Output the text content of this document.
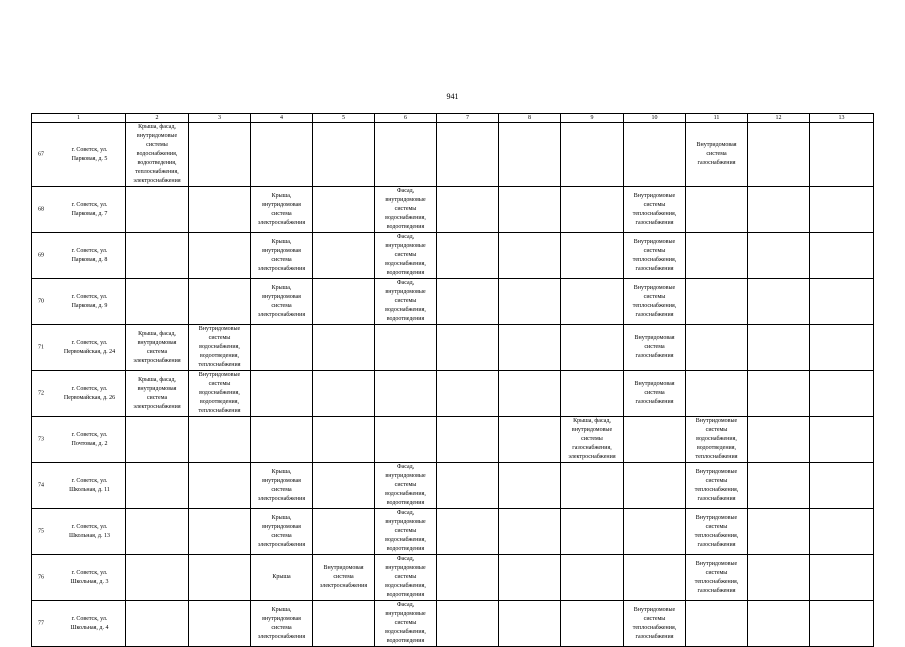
941
1	2	3	4	5	6	7	8	9	10	11	12	13

67
г. Советск, ул. Парковая, д. 5	Крыша, фасад, внутридомовые системы водоснабжения, водоотведения, теплоснабжения, электроснабжения									Внутридомовая система газоснабжения		

68
г. Советск, ул. Парковая, д. 7			Крыша, внутридомовая система электроснабжения		Фасад, внутридомовые системы водоснабжения, водоотведения				Внутридомовые системы теплоснабжения, газоснабжения			

69
г. Советск, ул. Парковая, д. 8			Крыша, внутридомовая система электроснабжения		Фасад, внутридомовые системы водоснабжения, водоотведения				Внутридомовые системы теплоснабжения, газоснабжения			

70
г. Советск, ул. Парковая, д. 9			Крыша, внутридомовая система электроснабжения		Фасад, внутридомовые системы водоснабжения, водоотведения				Внутридомовые системы теплоснабжения, газоснабжения			

71
г. Советск, ул. Первомайская, д. 24	Крыша, фасад, внутридомовая система электроснабжения	Внутридомовые системы водоснабжения, водоотведения, теплоснабжения							Внутридомовая система газоснабжения			

72
г. Советск, ул. Первомайская, д. 26	Крыша, фасад, внутридомовая система электроснабжения	Внутридомовые системы водоснабжения, водоотведения, теплоснабжения							Внутридомовая система газоснабжения			

73
г. Советск, ул. Почтовая, д. 2								Крыша, фасад, внутридомовые системы газоснабжения, электроснабжения		Внутридомовые системы водоснабжения, водоотведения, теплоснабжения		

74
г. Советск, ул. Школьная, д. 11			Крыша, внутридомовая система электроснабжения		Фасад, внутридомовые системы водоснабжения, водоотведения					Внутридомовые системы теплоснабжения, газоснабжения		

75
г. Советск, ул. Школьная, д. 13			Крыша, внутридомовая система электроснабжения		Фасад, внутридомовые системы водоснабжения, водоотведения					Внутридомовые системы теплоснабжения, газоснабжения		

76
г. Советск, ул. Школьная, д. 3			Крыша	Внутридомовая система электроснабжения	Фасад, внутридомовые системы водоснабжения, водоотведения					Внутридомовые системы теплоснабжения, газоснабжения		

77
г. Советск, ул. Школьная, д. 4			Крыша, внутридомовая система электроснабжения		Фасад, внутридомовые системы водоснабжения, водоотведения				Внутридомовые системы теплоснабжения, газоснабжения			
